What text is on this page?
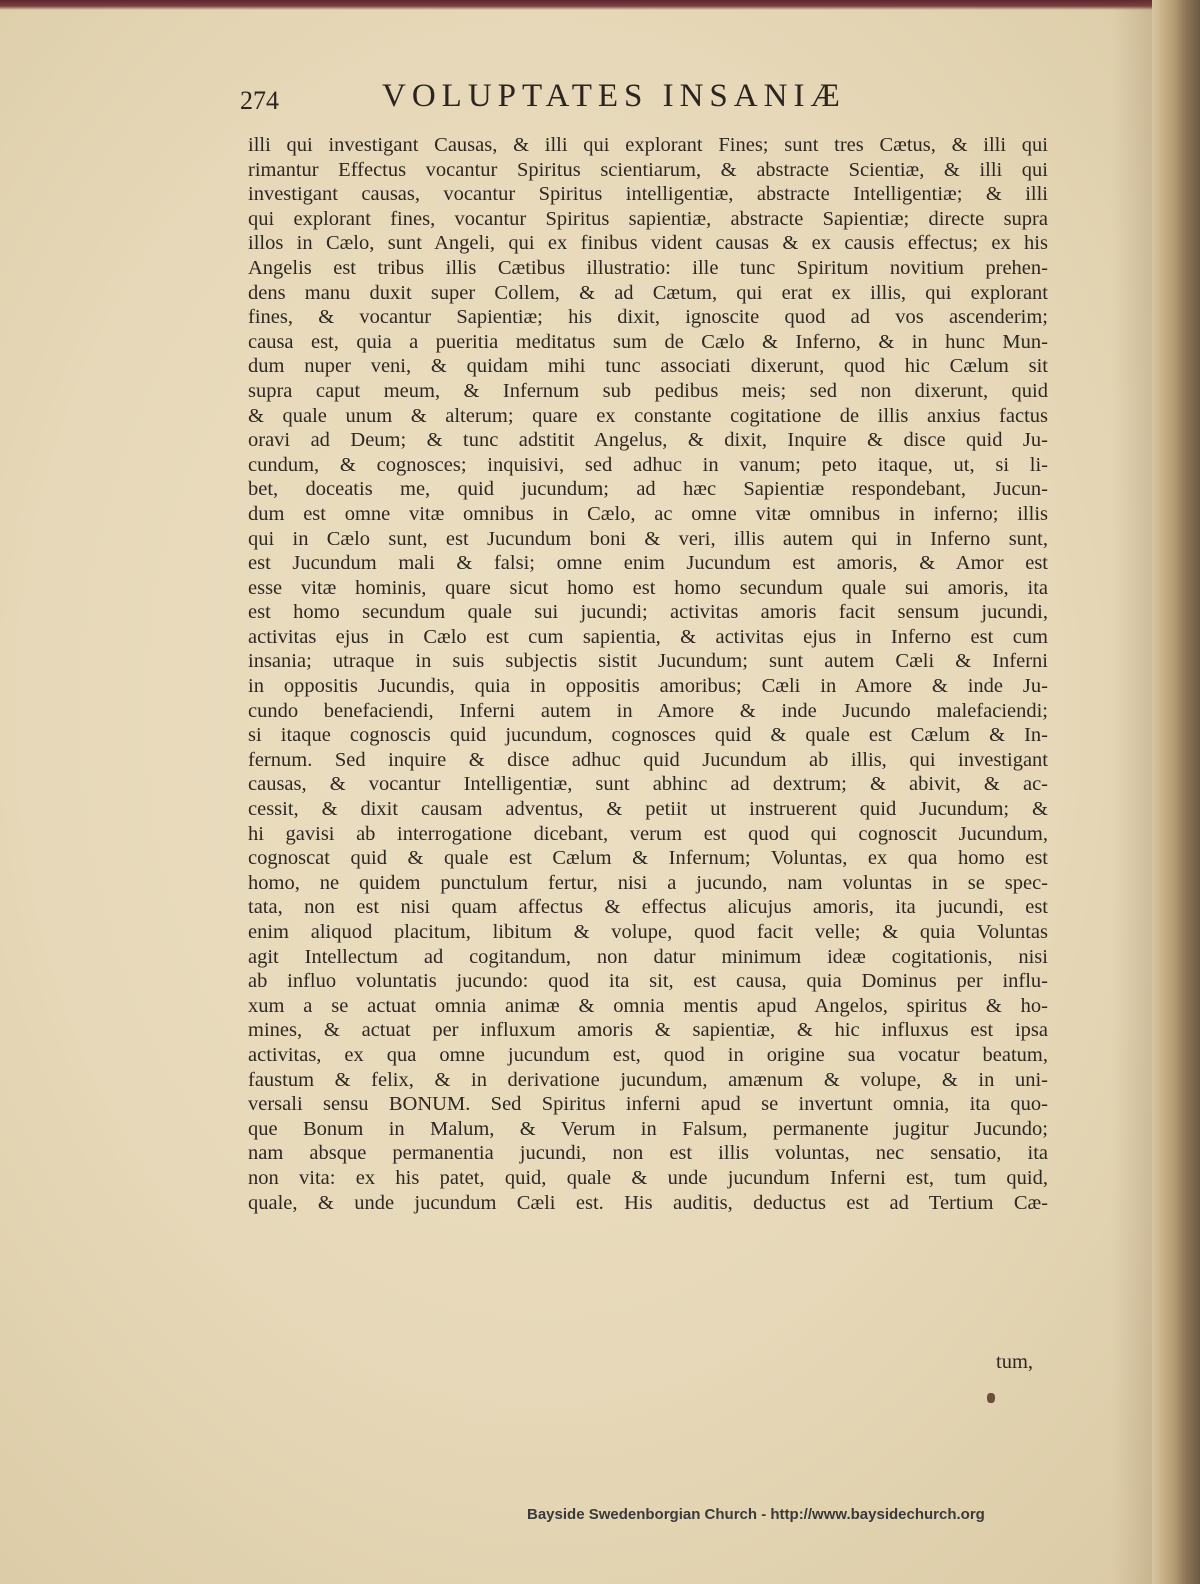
274	VOLUPTATES INSANIÆ
illi qui investigant Causas, & illi qui explorant Fines; sunt tres Cætus, & illi qui
rimantur Effectus vocantur Spiritus scientiarum, & abstracte Scientiæ, & illi qui
investigant causas, vocantur Spiritus intelligentiæ, abstracte Intelligentiæ; & illi
qui explorant fines, vocantur Spiritus sapientiæ, abstracte Sapientiæ; directe supra
illos in Cælo, sunt Angeli, qui ex finibus vident causas & ex causis effectus; ex his
Angelis est tribus illis Cætibus illustratio: ille tunc Spiritum novitium prehen-
dens manu duxit super Collem, & ad Cætum, qui erat ex illis, qui explorant
fines, & vocantur Sapientiæ; his dixit, ignoscite quod ad vos ascenderim;
causa est, quia a pueritia meditatus sum de Cælo & Inferno, & in hunc Mun-
dum nuper veni, & quidam mihi tunc associati dixerunt, quod hic Cælum sit
supra caput meum, & Infernum sub pedibus meis; sed non dixerunt, quid
& quale unum & alterum; quare ex constante cogitatione de illis anxius factus
oravi ad Deum; & tunc adstitit Angelus, & dixit, Inquire & disce quid Ju-
cundum, & cognosces; inquisivi, sed adhuc in vanum; peto itaque, ut, si li-
bet, doceatis me, quid jucundum; ad hæc Sapientiæ respondebant, Jucun-
dum est omne vitæ omnibus in Cælo, ac omne vitæ omnibus in inferno; illis
qui in Cælo sunt, est Jucundum boni & veri, illis autem qui in Inferno sunt,
est Jucundum mali & falsi; omne enim Jucundum est amoris, & Amor est
esse vitæ hominis, quare sicut homo est homo secundum quale sui amoris, ita
est homo secundum quale sui jucundi; activitas amoris facit sensum jucundi,
activitas ejus in Cælo est cum sapientia, & activitas ejus in Inferno est cum
insania; utraque in suis subjectis sistit Jucundum; sunt autem Cæli & Inferni
in oppositis Jucundis, quia in oppositis amoribus; Cæli in Amore & inde Ju-
cundo benefaciendi, Inferni autem in Amore & inde Jucundo malefaciendi;
si itaque cognoscis quid jucundum, cognosces quid & quale est Cælum & In-
fernum. Sed inquire & disce adhuc quid Jucundum ab illis, qui investigant
causas, & vocantur Intelligentiæ, sunt abhinc ad dextrum; & abivit, & ac-
cessit, & dixit causam adventus, & petiit ut instruerent quid Jucundum; &
hi gavisi ab interrogatione dicebant, verum est quod qui cognoscit Jucundum,
cognoscat quid & quale est Cælum & Infernum; Voluntas, ex qua homo est
homo, ne quidem punctulum fertur, nisi a jucundo, nam voluntas in se spec-
tata, non est nisi quam affectus & effectus alicujus amoris, ita jucundi, est
enim aliquod placitum, libitum & volupe, quod facit velle; & quia Voluntas
agit Intellectum ad cogitandum, non datur minimum ideæ cogitationis, nisi
ab influo voluntatis jucundo: quod ita sit, est causa, quia Dominus per influ-
xum a se actuat omnia animæ & omnia mentis apud Angelos, spiritus & ho-
mines, & actuat per influxum amoris & sapientiæ, & hic influxus est ipsa
activitas, ex qua omne jucundum est, quod in origine sua vocatur beatum,
faustum & felix, & in derivatione jucundum, amænum & volupe, & in uni-
versali sensu BONUM. Sed Spiritus inferni apud se invertunt omnia, ita quo-
que Bonum in Malum, & Verum in Falsum, permanente jugitur Jucundo;
nam absque permanentia jucundi, non est illis voluntas, nec sensatio, ita
non vita: ex his patet, quid, quale & unde jucundum Inferni est, tum quid,
quale, & unde jucundum Cæli est. His auditis, deductus est ad Tertium Cæ-
tum,
Bayside Swedenborgian Church - http://www.baysidechurch.org
